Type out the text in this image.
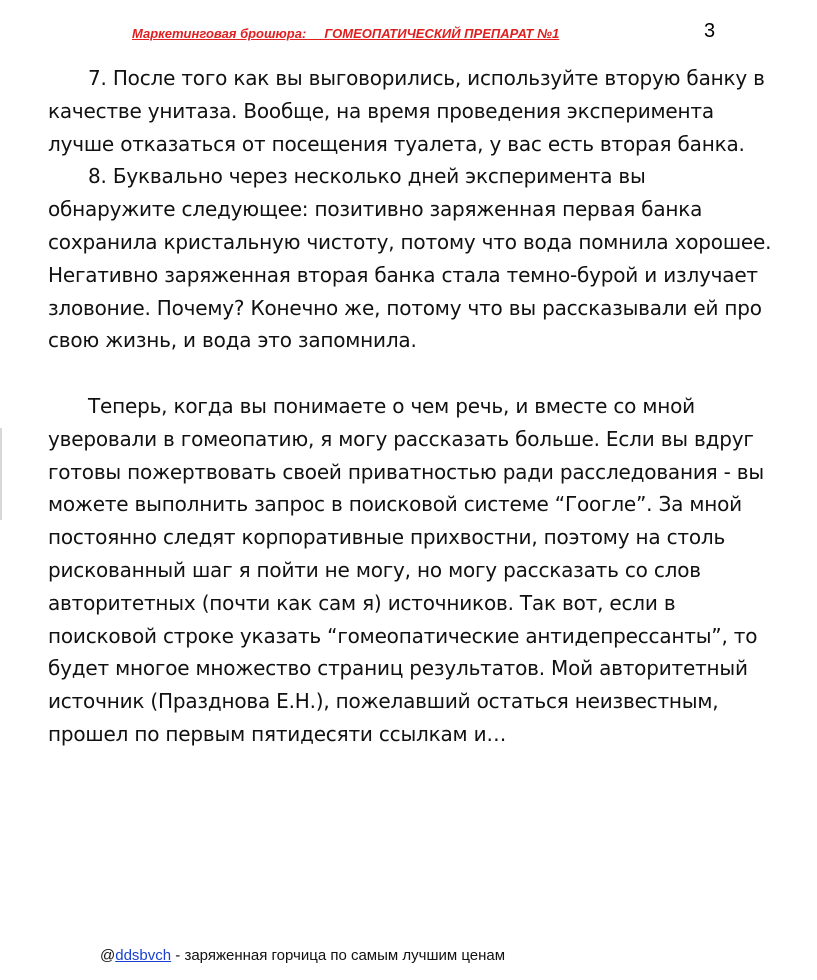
Маркетинговая брошюра:     ГОМЕОПАТИЧЕСКИЙ ПРЕПАРАТ №1	3

7. После того как вы выговорились, используйте вторую банку в качестве унитаза. Вообще, на время проведения эксперимента лучше отказаться от посещения туалета, у вас есть вторая банка.

8. Буквально через несколько дней эксперимента вы обнаружите следующее: позитивно заряженная первая банка сохранила кристальную чистоту, потому что вода помнила хорошее. Негативно заряженная вторая банка стала темно-бурой и излучает зловоние. Почему? Конечно же, потому что вы рассказывали ей про свою жизнь, и вода это запомнила.

Теперь, когда вы понимаете о чем речь, и вместе со мной уверовали в гомеопатию, я могу рассказать больше. Если вы вдруг готовы пожертвовать своей приватностью ради расследования - вы можете выполнить запрос в поисковой системе “Гоогле”. За мной постоянно следят корпоративные прихвостни, поэтому на столь рискованный шаг я пойти не могу, но могу рассказать со слов авторитетных (почти как сам я) источников. Так вот, если в поисковой строке указать “гомеопатические антидепрессанты”, то будет многое множество страниц результатов. Мой авторитетный источник (Празднова Е.Н.), пожелавший остаться неизвестным, прошел по первым пятидесяти ссылкам и…

@ddsbvch - заряженная горчица по самым лучшим ценам
